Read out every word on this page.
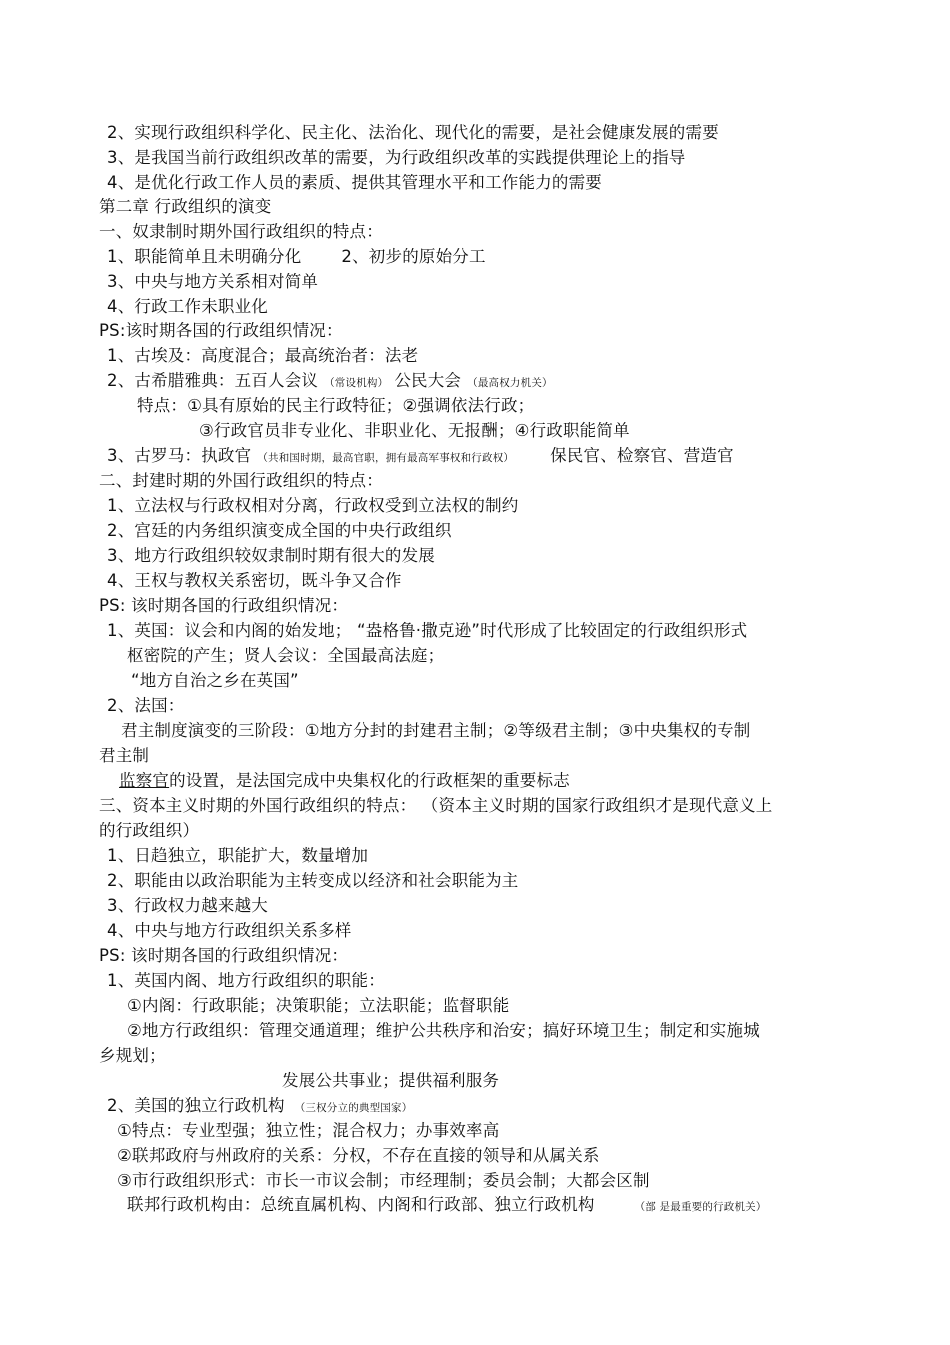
2、实现行政组织科学化、民主化、法治化、现代化的需要，是社会健康发展的需要
3、是我国当前行政组织改革的需要，为行政组织改革的实践提供理论上的指导
4、是优化行政工作人员的素质、提供其管理水平和工作能力的需要
第二章 行政组织的演变
一、奴隶制时期外国行政组织的特点：
1、职能简单且未明确分化 2、初步的原始分工
3、中央与地方关系相对简单
4、行政工作未职业化
PS:该时期各国的行政组织情况：
1、古埃及：高度混合；最高统治者：法老
2、古希腊雅典：五百人会议 （常设机构） 公民大会 （最高权力机关）
特点：①具有原始的民主行政特征；②强调依法行政；
③行政官员非专业化、非职业化、无报酬；④行政职能简单
3、古罗马：执政官 （共和国时期，最高官职，拥有最高军事权和行政权） 保民官、检察官、营造官
二、封建时期的外国行政组织的特点：
1、立法权与行政权相对分离，行政权受到立法权的制约
2、宫廷的内务组织演变成全国的中央行政组织
3、地方行政组织较奴隶制时期有很大的发展
4、王权与教权关系密切，既斗争又合作
PS: 该时期各国的行政组织情况：
1、英国：议会和内阁的始发地； “盎格鲁·撒克逊”时代形成了比较固定的行政组织形式
枢密院的产生；贤人会议：全国最高法庭；
“地方自治之乡在英国”
2、法国：
君主制度演变的三阶段：①地方分封的封建君主制；②等级君主制；③中央集权的专制
君主制
监察官的设置，是法国完成中央集权化的行政框架的重要标志
三、资本主义时期的外国行政组织的特点： （资本主义时期的国家行政组织才是现代意义上
的行政组织）
1、日趋独立，职能扩大，数量增加
2、职能由以政治职能为主转变成以经济和社会职能为主
3、行政权力越来越大
4、中央与地方行政组织关系多样
PS: 该时期各国的行政组织情况：
1、英国内阁、地方行政组织的职能：
①内阁：行政职能；决策职能；立法职能；监督职能
②地方行政组织：管理交通道理；维护公共秩序和治安；搞好环境卫生；制定和实施城
乡规划；
发展公共事业；提供福利服务
2、美国的独立行政机构 （三权分立的典型国家）
①特点：专业型强；独立性；混合权力；办事效率高
②联邦政府与州政府的关系：分权，不存在直接的领导和从属关系
③市行政组织形式：市长一市议会制；市经理制；委员会制；大都会区制
联邦行政机构由：总统直属机构、内阁和行政部、独立行政机构	（部 是最重要的行政机关）
